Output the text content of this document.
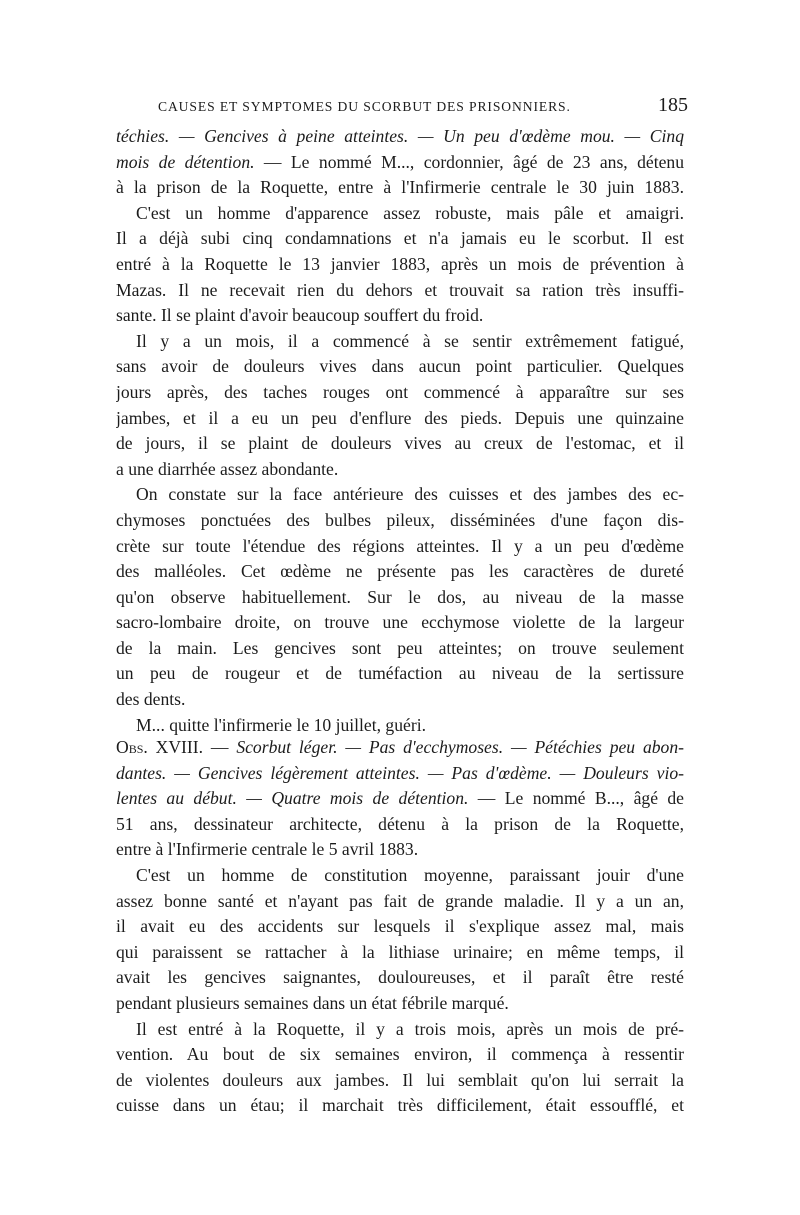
CAUSES ET SYMPTOMES DU SCORBUT DES PRISONNIERS.	185
téchies. — Gencives à peine atteintes. — Un peu d'œdème mou. — Cinq
mois de détention. — Le nommé M..., cordonnier, âgé de 23 ans, détenu
à la prison de la Roquette, entre à l'Infirmerie centrale le 30 juin 1883.
C'est un homme d'apparence assez robuste, mais pâle et amaigri.
Il a déjà subi cinq condamnations et n'a jamais eu le scorbut. Il est
entré à la Roquette le 13 janvier 1883, après un mois de prévention à
Mazas. Il ne recevait rien du dehors et trouvait sa ration très insuffi-
sante. Il se plaint d'avoir beaucoup souffert du froid.
Il y a un mois, il a commencé à se sentir extrêmement fatigué,
sans avoir de douleurs vives dans aucun point particulier. Quelques
jours après, des taches rouges ont commencé à apparaître sur ses
jambes, et il a eu un peu d'enflure des pieds. Depuis une quinzaine
de jours, il se plaint de douleurs vives au creux de l'estomac, et il
a une diarrhée assez abondante.
On constate sur la face antérieure des cuisses et des jambes des ec-
chymoses ponctuées des bulbes pileux, disséminées d'une façon dis-
crète sur toute l'étendue des régions atteintes. Il y a un peu d'œdème
des malléoles. Cet œdème ne présente pas les caractères de dureté
qu'on observe habituellement. Sur le dos, au niveau de la masse
sacro-lombaire droite, on trouve une ecchymose violette de la largeur
de la main. Les gencives sont peu atteintes; on trouve seulement
un peu de rougeur et de tuméfaction au niveau de la sertissure
des dents.
M... quitte l'infirmerie le 10 juillet, guéri.
Obs. XVIII. — Scorbut léger. — Pas d'ecchymoses. — Pétéchies peu abon-
dantes. — Gencives légèrement atteintes. — Pas d'œdème. — Douleurs vio-
lentes au début. — Quatre mois de détention. — Le nommé B..., âgé de
51 ans, dessinateur architecte, détenu à la prison de la Roquette,
entre à l'Infirmerie centrale le 5 avril 1883.
C'est un homme de constitution moyenne, paraissant jouir d'une
assez bonne santé et n'ayant pas fait de grande maladie. Il y a un an,
il avait eu des accidents sur lesquels il s'explique assez mal, mais
qui paraissent se rattacher à la lithiase urinaire; en même temps, il
avait les gencives saignantes, douloureuses, et il paraît être resté
pendant plusieurs semaines dans un état fébrile marqué.
Il est entré à la Roquette, il y a trois mois, après un mois de pré-
vention. Au bout de six semaines environ, il commença à ressentir
de violentes douleurs aux jambes. Il lui semblait qu'on lui serrait la
cuisse dans un étau; il marchait très difficilement, était essoufflé, et
